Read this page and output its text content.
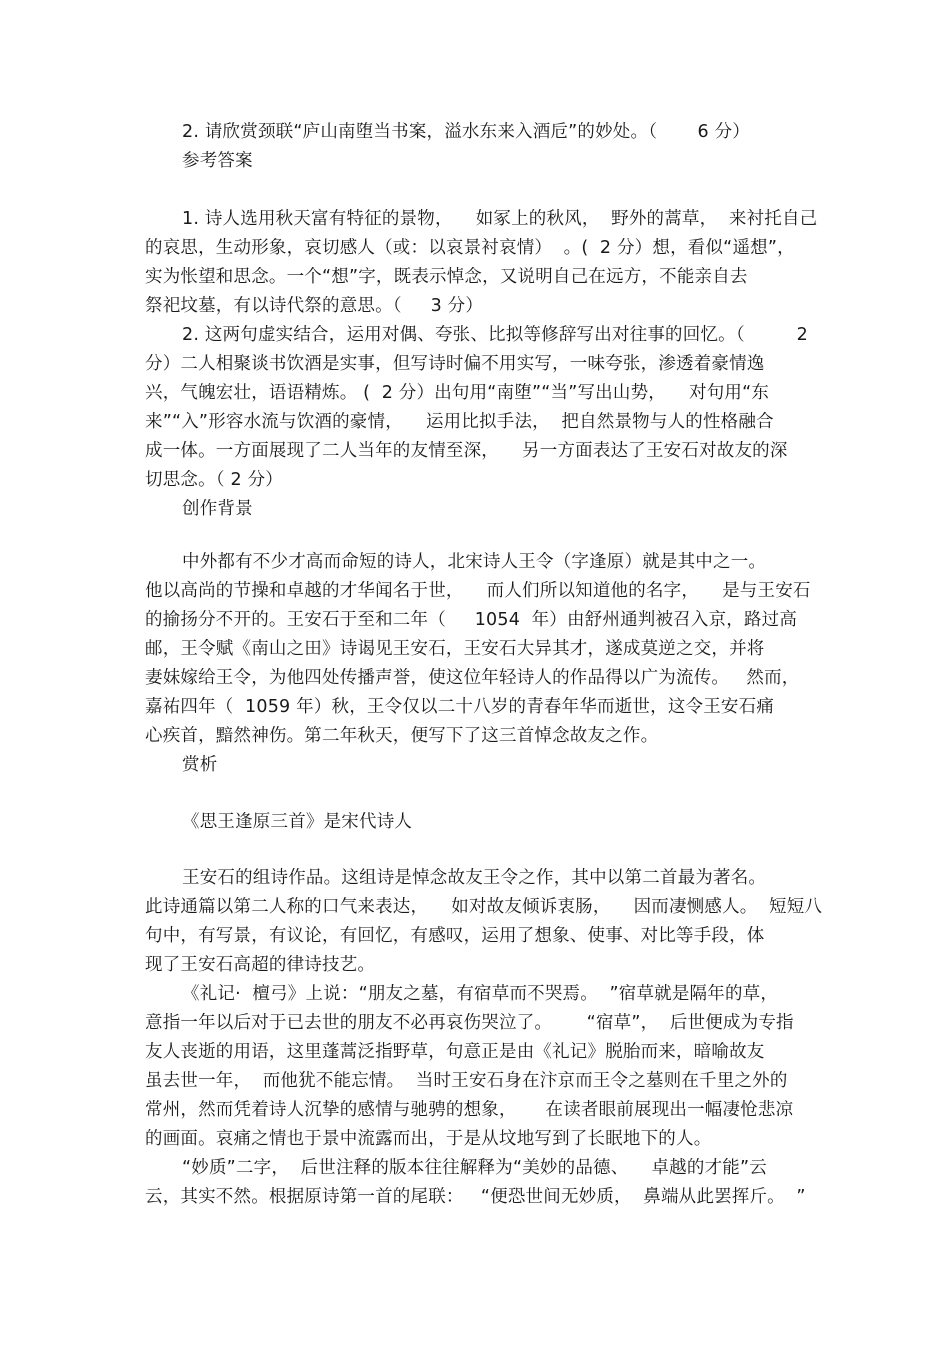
2. 请欣赏颈联“庐山南堕当书案，溢水东来入酒卮”的妙处。（       6 分）
参考答案
1. 诗人选用秋天富有特征的景物，    如冢上的秋风，  野外的蒿草，  来衬托自己
的哀思，生动形象，哀切感人（或：以哀景衬哀情）  。(  2 分）想，看似“遥想”，
实为怅望和思念。一个“想”字，既表示悼念，又说明自己在远方，不能亲自去
祭祀坟墓，有以诗代祭的意思。（     3 分）
2. 这两句虚实结合，运用对偶、夸张、比拟等修辞写出对往事的回忆。（         2
分）二人相聚谈书饮酒是实事，但写诗时偏不用实写，一味夸张，渗透着豪情逸
兴，气魄宏壮，语语精炼。 (  2 分）出句用“南堕”“当”写出山势，    对句用“东
来”“入”形容水流与饮酒的豪情，    运用比拟手法，  把自然景物与人的性格融合
成一体。一方面展现了二人当年的友情至深，    另一方面表达了王安石对故友的深
切思念。（ 2 分）
创作背景
中外都有不少才高而命短的诗人，北宋诗人王令（字逢原）就是其中之一。
他以高尚的节操和卓越的才华闻名于世，    而人们所以知道他的名字，    是与王安石
的揄扬分不开的。王安石于至和二年（     1054  年）由舒州通判被召入京，路过高
邮，王令赋《南山之田》诗谒见王安石，王安石大异其才，遂成莫逆之交，并将
妻妹嫁给王令，为他四处传播声誉，使这位年轻诗人的作品得以广为流传。   然而，
嘉祐四年（  1059 年）秋，王令仅以二十八岁的青春年华而逝世，这令王安石痛
心疾首，黯然神伤。第二年秋天，便写下了这三首悼念故友之作。
赏析
《思王逢原三首》是宋代诗人
王安石的组诗作品。这组诗是悼念故友王令之作，其中以第二首最为著名。
此诗通篇以第二人称的口气来表达，    如对故友倾诉衷肠，    因而凄恻感人。  短短八
句中，有写景，有议论，有回忆，有感叹，运用了想象、使事、对比等手段，体
现了王安石高超的律诗技艺。
《礼记·  檀弓》上说：“朋友之墓，有宿草而不哭焉。  ”宿草就是隔年的草，
意指一年以后对于已去世的朋友不必再哀伤哭泣了。      “宿草”，  后世便成为专指
友人丧逝的用语，这里蓬蒿泛指野草，句意正是由《礼记》脱胎而来，暗喻故友
虽去世一年，  而他犹不能忘情。  当时王安石身在汴京而王令之墓则在千里之外的
常州，然而凭着诗人沉挚的感情与驰骋的想象，     在读者眼前展现出一幅凄怆悲凉
的画面。哀痛之情也于景中流露而出，于是从坟地写到了长眠地下的人。
“妙质”二字，  后世注释的版本往往解释为“美妙的品德、    卓越的才能”云
云，其实不然。根据原诗第一首的尾联：   “便恐世间无妙质，  鼻端从此罢挥斤。  ”
